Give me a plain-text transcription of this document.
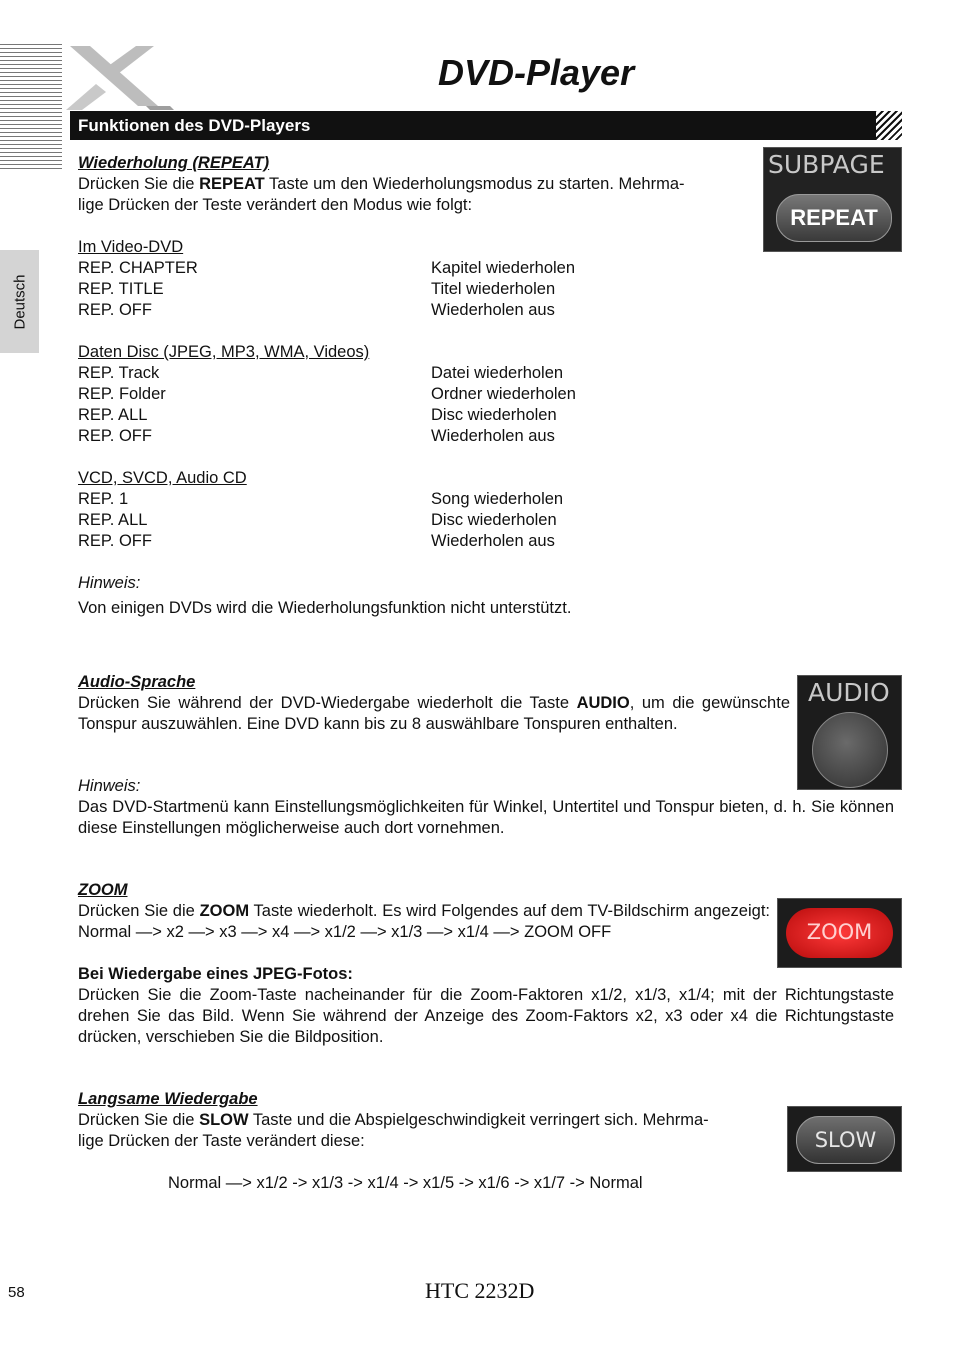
DVD-Player
Funktionen des DVD-Players
Deutsch
Wiederholung (REPEAT)
Drücken Sie die REPEAT Taste um den Wiederholungsmodus zu starten. Mehrma-
lige Drücken der Teste verändert den Modus wie folgt:
Im Video-DVD
REP. CHAPTER	Kapitel wiederholen
REP. TITLE	Titel wiederholen
REP. OFF	Wiederholen aus
Daten Disc (JPEG, MP3, WMA, Videos)
REP. Track	Datei wiederholen
REP. Folder	Ordner wiederholen
REP. ALL	Disc wiederholen
REP. OFF	Wiederholen aus
VCD, SVCD, Audio CD
REP. 1	Song wiederholen
REP. ALL	Disc wiederholen
REP. OFF	Wiederholen aus
Hinweis:
Von einigen DVDs wird die Wiederholungsfunktion nicht unterstützt.
SUBPAGE
REPEAT
Audio-Sprache
Drücken Sie während der DVD-Wiedergabe wiederholt die Taste AUDIO, um die gewünschte Tonspur auszuwählen. Eine DVD kann bis zu 8 auswählbare Tonspuren enthalten.
Hinweis:
Das DVD-Startmenü kann Einstellungsmöglichkeiten für Winkel, Untertitel und Tonspur bieten, d. h. Sie können diese Einstellungen möglicherweise auch dort vornehmen.
AUDIO
ZOOM
Drücken Sie die ZOOM Taste wiederholt. Es wird Folgendes auf dem TV-Bildschirm angezeigt: Normal —> x2 —> x3 —> x4 —> x1/2 —> x1/3 —> x1/4 —> ZOOM OFF
Bei Wiedergabe eines JPEG-Fotos:
Drücken Sie die Zoom-Taste nacheinander für die Zoom-Faktoren x1/2, x1/3, x1/4; mit der Richtungstaste drehen Sie das Bild. Wenn Sie während der Anzeige des Zoom-Faktors x2, x3 oder x4 die Richtungstaste drücken, verschieben Sie die Bildposition.
ZOOM
Langsame Wiedergabe
Drücken Sie die SLOW Taste und die Abspielgeschwindigkeit verringert sich. Mehrma-
lige Drücken der Taste verändert diese:
Normal —> x1/2 -> x1/3 -> x1/4 -> x1/5 -> x1/6 -> x1/7 -> Normal
SLOW
58	HTC 2232D
